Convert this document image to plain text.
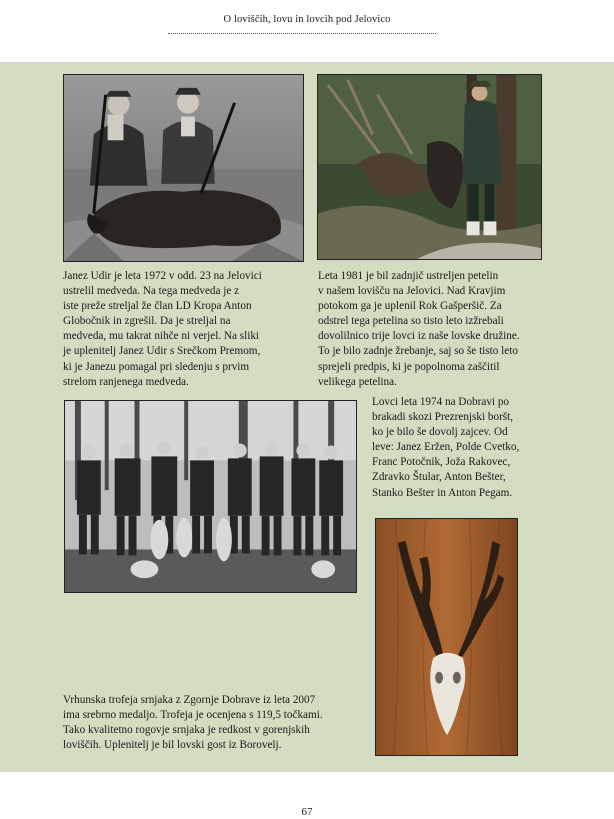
O loviščih, lovu in lovcih pod Jelovico

Janez Udir je leta 1972 v odd. 23 na Jelovici

ustrelil medveda. Na tega medveda je z

iste preže streljal že član LD Kropa Anton

Globočnik in zgrešil. Da je streljal na

medveda, mu takrat nihče ni verjel. Na sliki

je uplenitelj Janez Udir s Srečkom Premom,

ki je Janezu pomagal pri sledenju s prvim

strelom ranjenega medveda.

Leta 1981 je bil zadnjič ustreljen petelin

v našem lovišču na Jelovici. Nad Kravjim

potokom ga je uplenil Rok Gašperšič. Za

odstrel tega petelina so tisto leto izžrebali

dovolilnico trije lovci iz naše lovske družine.

To je bilo zadnje žrebanje, saj so še tisto leto

sprejeli predpis, ki je popolnoma zaščitil

velikega petelina.

Lovci leta 1974 na Dobravi po

brakadi skozi Prezrenjski boršt,

ko je bilo še dovolj zajcev. Od

leve: Janez Eržen, Polde Cvetko,

Franc Potočnik, Joža Rakovec,

Zdravko Štular, Anton Bešter,

Stanko Bešter in Anton Pegam.

Vrhunska trofeja srnjaka z Zgornje Dobrave iz leta 2007

ima srebrno medaljo. Trofeja je ocenjena s 119,5 točkami.

Tako kvalitetno rogovje srnjaka je redkost v gorenjskih

loviščih. Uplenitelj je bil lovski gost iz Borovelj.

67
